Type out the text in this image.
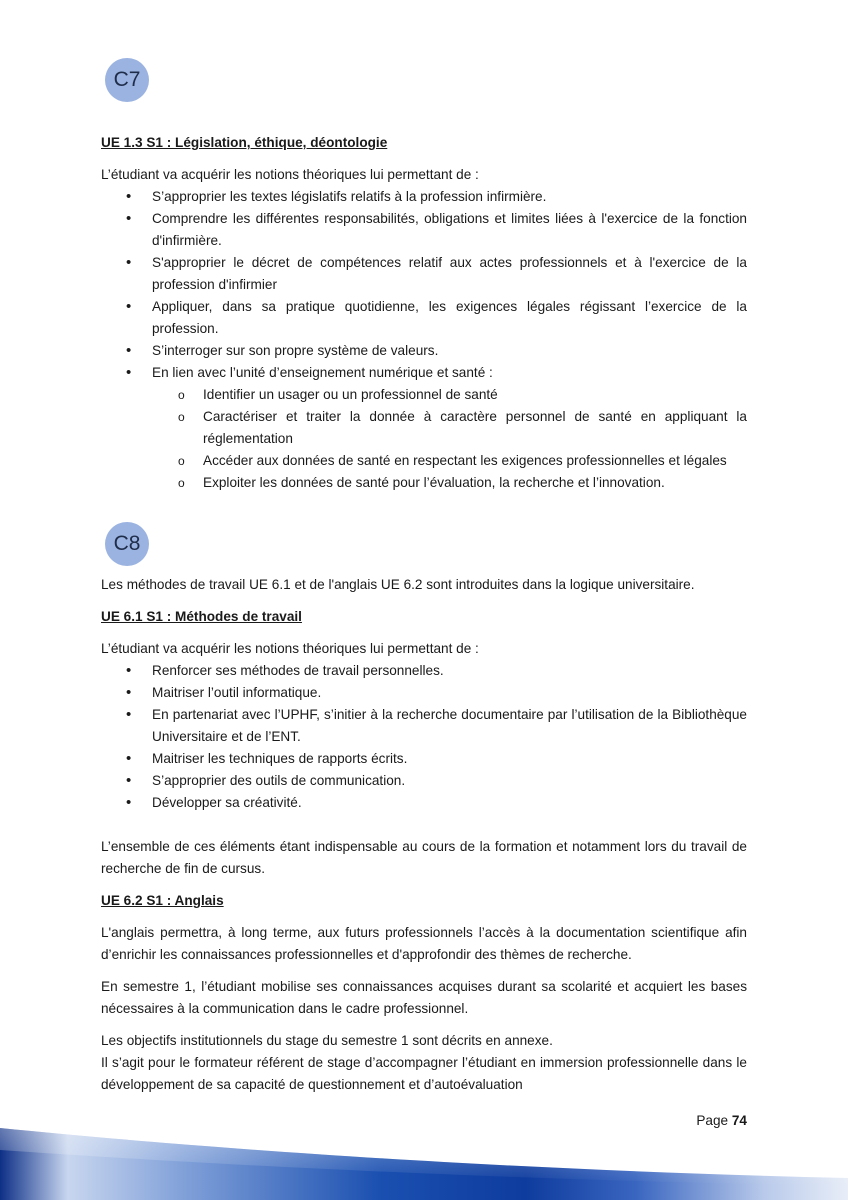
C7

UE 1.3 S1 : Législation, éthique, déontologie

L’étudiant va acquérir les notions théoriques lui permettant de :

• S’approprier les textes législatifs relatifs à la profession infirmière.
• Comprendre les différentes responsabilités, obligations et limites liées à l'exercice de la fonction d'infirmière.
• S'approprier le décret de compétences relatif aux actes professionnels et à l'exercice de la profession d'infirmier
• Appliquer, dans sa pratique quotidienne, les exigences légales régissant l’exercice de la profession.
• S’interroger sur son propre système de valeurs.
• En lien avec l’unité d’enseignement numérique et santé :
o Identifier un usager ou un professionnel de santé
o Caractériser et traiter la donnée à caractère personnel de santé en appliquant la réglementation
o Accéder aux données de santé en respectant les exigences professionnelles et légales
o Exploiter les données de santé pour l’évaluation, la recherche et l’innovation.
C8

Les méthodes de travail UE 6.1 et de l'anglais UE 6.2 sont introduites dans la logique universitaire.

UE 6.1 S1 : Méthodes de travail

L’étudiant va acquérir les notions théoriques lui permettant de :

• Renforcer ses méthodes de travail personnelles.
• Maitriser l’outil informatique.
• En partenariat avec l’UPHF, s’initier à la recherche documentaire par l’utilisation de la Bibliothèque Universitaire et de l’ENT.
• Maitriser les techniques de rapports écrits.
• S’approprier des outils de communication.
• Développer sa créativité.

L’ensemble de ces éléments étant indispensable au cours de la formation et notamment lors du travail de recherche de fin de cursus.

UE 6.2 S1 : Anglais

L'anglais permettra, à long terme, aux futurs professionnels l’accès à la documentation scientifique afin d’enrichir les connaissances professionnelles et d'approfondir des thèmes de recherche.

En semestre 1, l’étudiant mobilise ses connaissances acquises durant sa scolarité et acquiert les bases nécessaires à la communication dans le cadre professionnel.

Les objectifs institutionnels du stage du semestre 1 sont décrits en annexe.

Il s’agit pour le formateur référent de stage d’accompagner l’étudiant en immersion professionnelle dans le développement de sa capacité de questionnement et d’autoévaluation

Page 74
